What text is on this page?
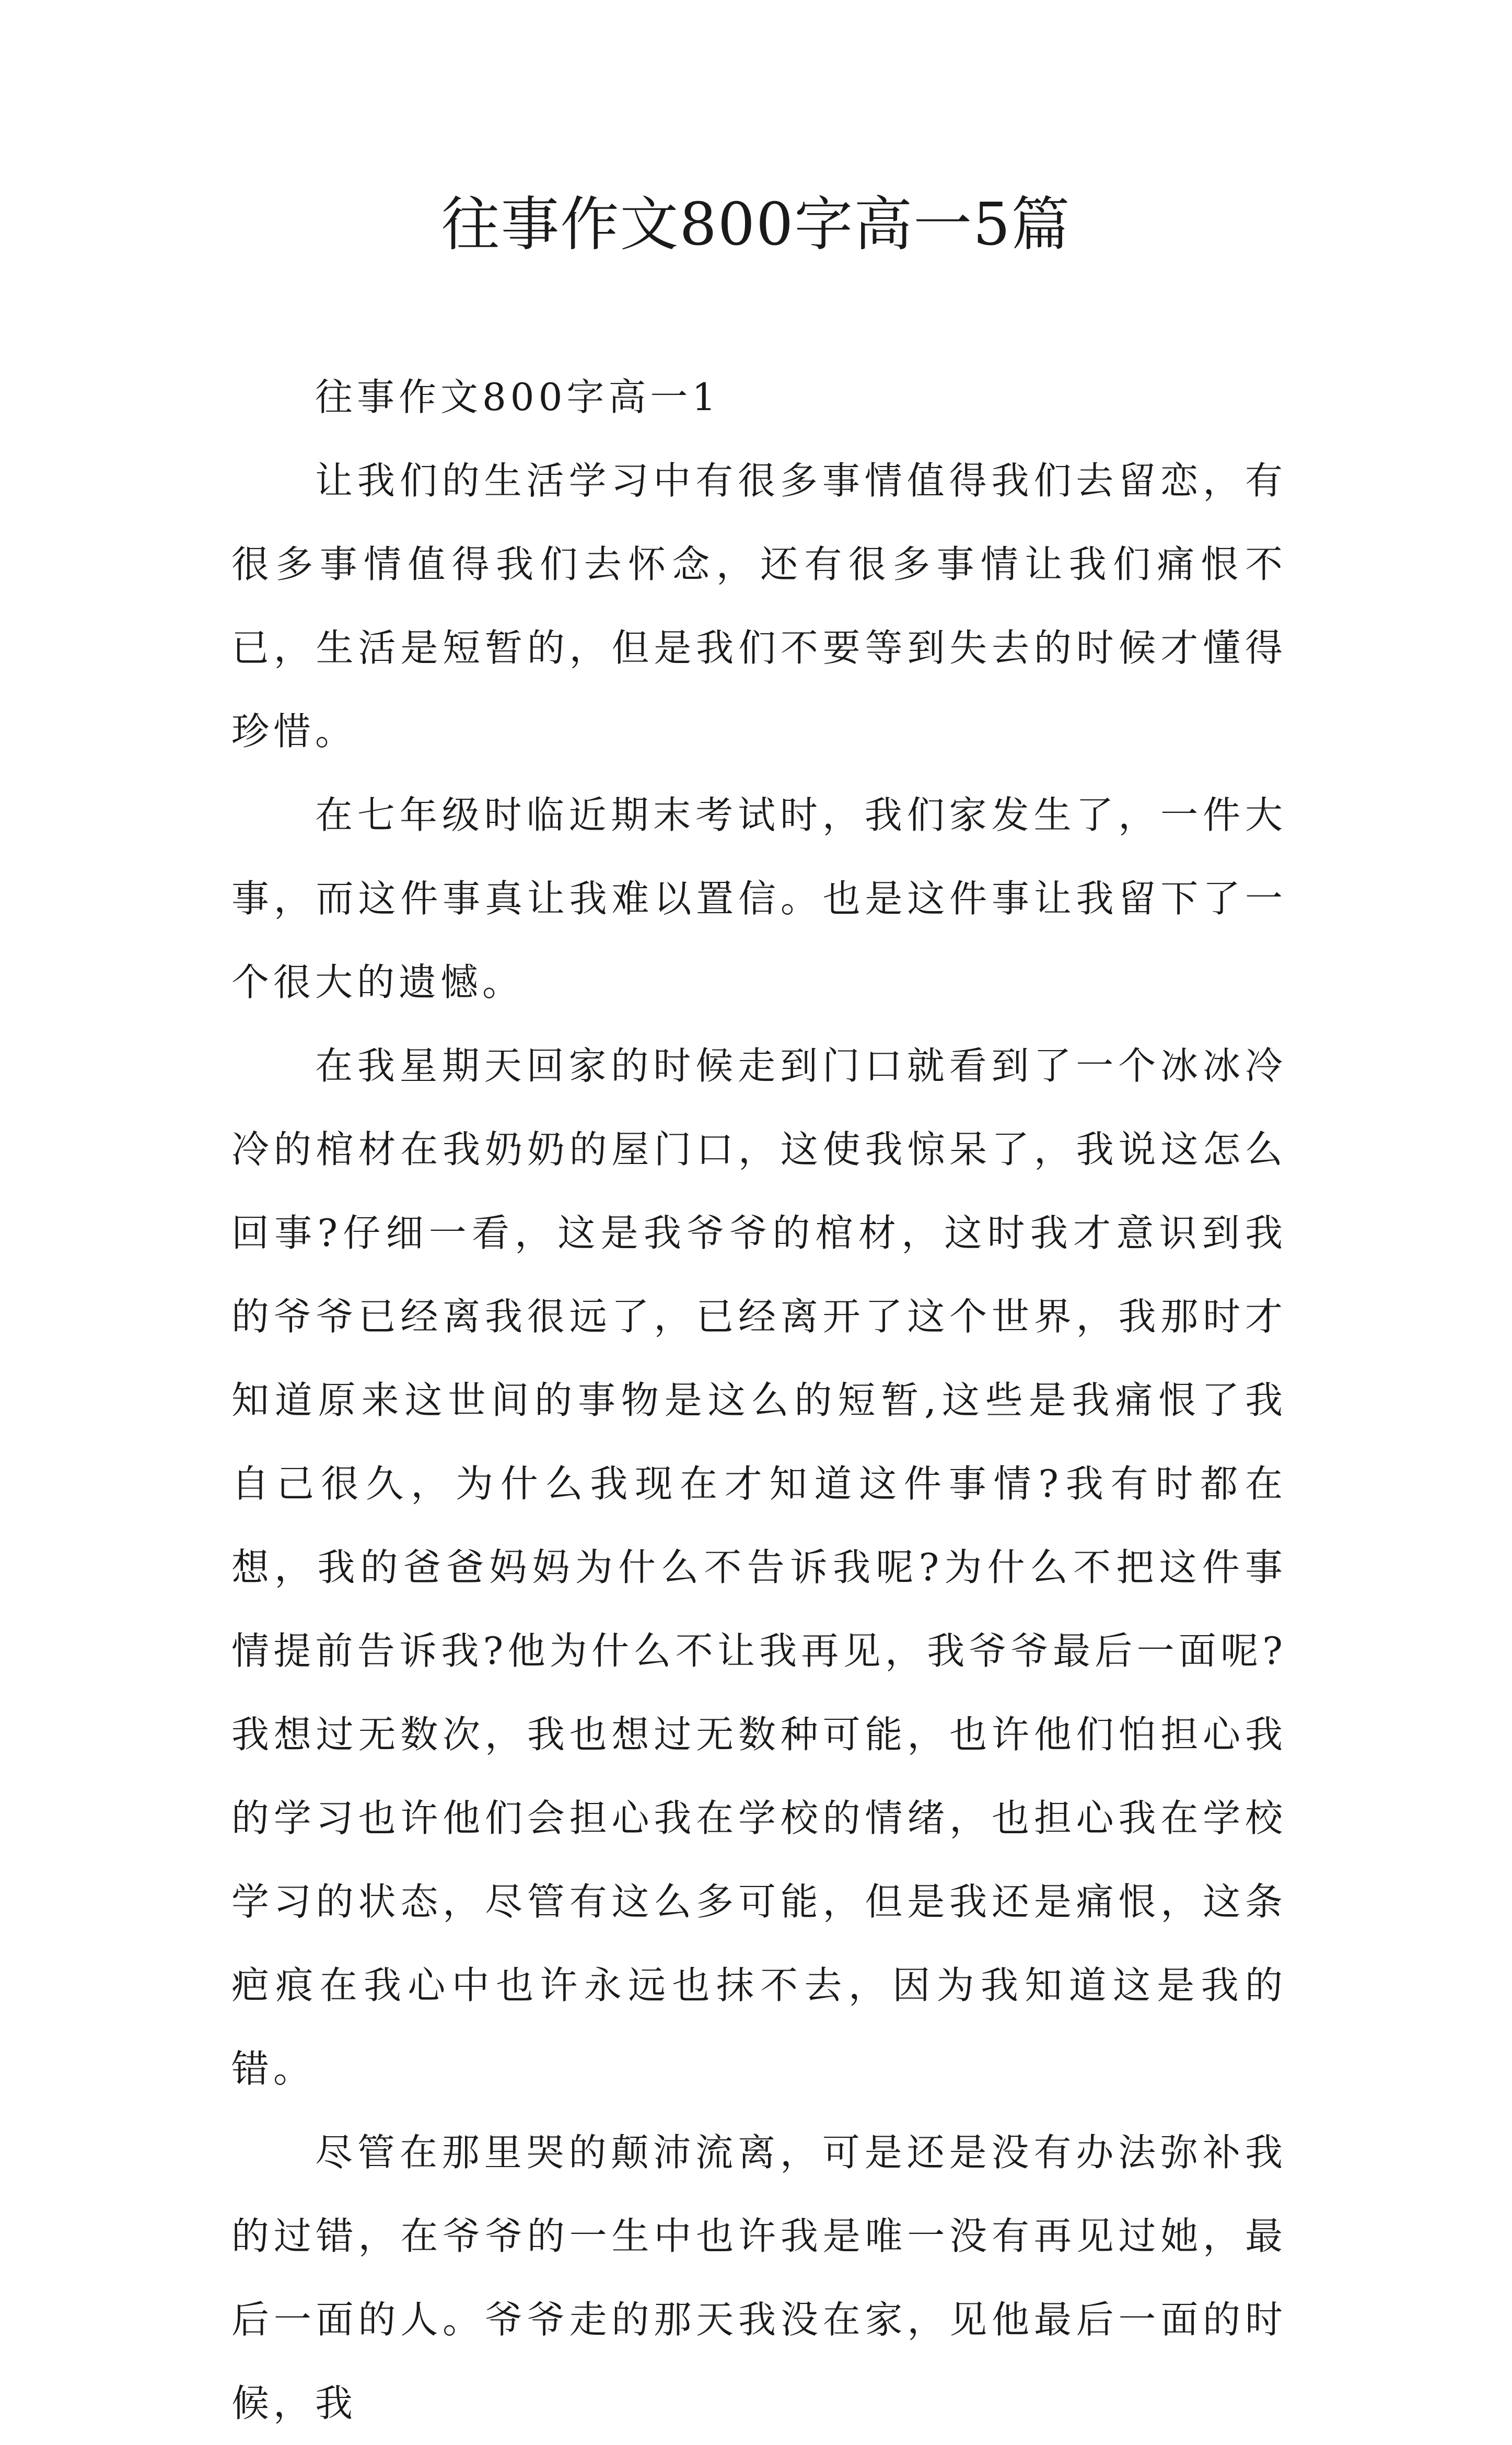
往事作文800字高一5篇
往事作文800字高一1

让我们的生活学习中有很多事情值得我们去留恋，有很多事情值得我们去怀念，还有很多事情让我们痛恨不已，生活是短暂的，但是我们不要等到失去的时候才懂得珍惜。

在七年级时临近期末考试时，我们家发生了，一件大事，而这件事真让我难以置信。也是这件事让我留下了一个很大的遗憾。

在我星期天回家的时候走到门口就看到了一个冰冰冷冷的棺材在我奶奶的屋门口，这使我惊呆了，我说这怎么回事?仔细一看，这是我爷爷的棺材，这时我才意识到我的爷爷已经离我很远了，已经离开了这个世界，我那时才知道原来这世间的事物是这么的短暂,这些是我痛恨了我自己很久，为什么我现在才知道这件事情?我有时都在想，我的爸爸妈妈为什么不告诉我呢?为什么不把这件事情提前告诉我?他为什么不让我再见，我爷爷最后一面呢?我想过无数次，我也想过无数种可能，也许他们怕担心我的学习也许他们会担心我在学校的情绪，也担心我在学校学习的状态，尽管有这么多可能，但是我还是痛恨，这条疤痕在我心中也许永远也抹不去，因为我知道这是我的错。

尽管在那里哭的颠沛流离，可是还是没有办法弥补我的过错，在爷爷的一生中也许我是唯一没有再见过她，最后一面的人。爷爷走的那天我没在家，见他最后一面的时候，我
